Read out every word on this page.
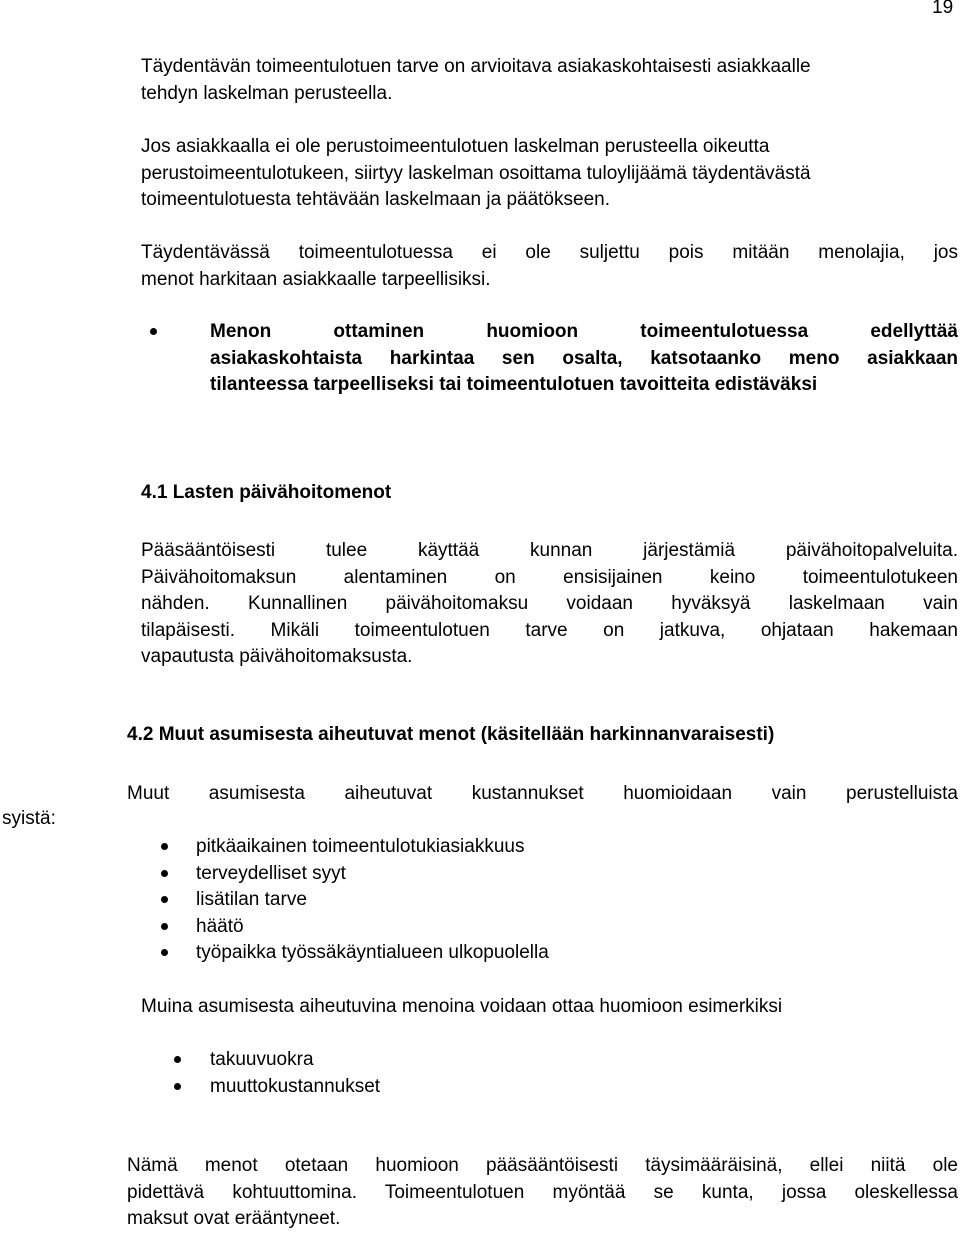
19
Täydentävän toimeentulotuen tarve on arvioitava asiakaskohtaisesti asiakkaalle
tehdyn laskelman perusteella.
Jos asiakkaalla ei ole perustoimeentulotuen laskelman perusteella oikeutta
perustoimeentulotukeen, siirtyy laskelman osoittama tuloylijäämä täydentävästä
toimeentulotuesta tehtävään laskelmaan ja päätökseen.
Täydentävässä toimeentulotuessa ei ole suljettu pois mitään menolajia, jos
menot harkitaan asiakkaalle tarpeellisiksi.
Menon ottaminen huomioon toimeentulotuessa edellyttää
asiakaskohtaista harkintaa sen osalta, katsotaanko meno asiakkaan
tilanteessa tarpeelliseksi tai toimeentulotuen tavoitteita edistäväksi
4.1 Lasten päivähoitomenot
Pääsääntöisesti tulee käyttää kunnan järjestämiä päivähoitopalveluita.
Päivähoitomaksun alentaminen on ensisijainen keino toimeentulotukeen
nähden. Kunnallinen päivähoitomaksu voidaan hyväksyä laskelmaan vain
tilapäisesti. Mikäli toimeentulotuen tarve on jatkuva, ohjataan hakemaan
vapautusta päivähoitomaksusta.
4.2 Muut asumisesta aiheutuvat menot (käsitellään harkinnanvaraisesti)
Muut asumisesta aiheutuvat kustannukset huomioidaan vain perustelluista
syistä:
pitkäaikainen toimeentulotukiasiakkuus
terveydelliset syyt
lisätilan tarve
häätö
työpaikka työssäkäyntialueen ulkopuolella
Muina asumisesta aiheutuvina menoina voidaan ottaa huomioon esimerkiksi
takuuvuokra
muuttokustannukset
Nämä menot otetaan huomioon pääsääntöisesti täysimääräisinä, ellei niitä ole
pidettävä kohtuuttomina. Toimeentulotuen myöntää se kunta, jossa oleskellessa
maksut ovat erääntyneet.
